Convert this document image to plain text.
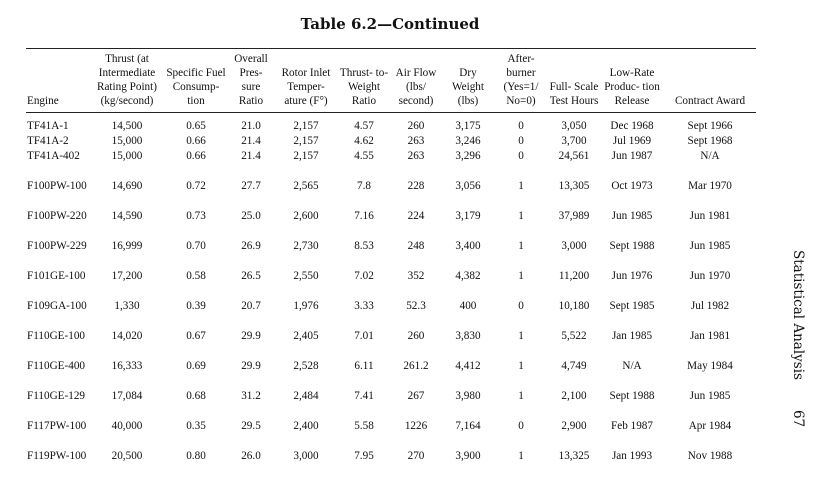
Table 6.2—Continued
Engine	Thrust (at Intermediate Rating Point) (kg/second)	Specific Fuel Consump- tion	Overall Pres- sure Ratio	Rotor Inlet Temper- ature (F°)	Thrust- to- Weight Ratio	Air Flow (lbs/ second)	Dry Weight (lbs)	After- burner (Yes=1/ No=0)	Full- Scale Test Hours	Low-Rate Produc- tion Release	Contract Award
TF41A-1	14,500	0.65	21.0	2,157	4.57	260	3,175	0	3,050	Dec 1968	Sept 1966
TF41A-2	15,000	0.66	21.4	2,157	4.62	263	3,246	0	3,700	Jul 1969	Sept 1968
TF41A-402	15,000	0.66	21.4	2,157	4.55	263	3,296	0	24,561	Jun 1987	N/A
F100PW-100	14,690	0.72	27.7	2,565	7.8	228	3,056	1	13,305	Oct 1973	Mar 1970
F100PW-220	14,590	0.73	25.0	2,600	7.16	224	3,179	1	37,989	Jun 1985	Jun 1981
F100PW-229	16,999	0.70	26.9	2,730	8.53	248	3,400	1	3,000	Sept 1988	Jun 1985
F101GE-100	17,200	0.58	26.5	2,550	7.02	352	4,382	1	11,200	Jun 1976	Jun 1970
F109GA-100	1,330	0.39	20.7	1,976	3.33	52.3	400	0	10,180	Sept 1985	Jul 1982
F110GE-100	14,020	0.67	29.9	2,405	7.01	260	3,830	1	5,522	Jan 1985	Jan 1981
F110GE-400	16,333	0.69	29.9	2,528	6.11	261.2	4,412	1	4,749	N/A	May 1984
F110GE-129	17,084	0.68	31.2	2,484	7.41	267	3,980	1	2,100	Sept 1988	Jun 1985
F117PW-100	40,000	0.35	29.5	2,400	5.58	1226	7,164	0	2,900	Feb 1987	Apr 1984
F119PW-100	20,500	0.80	26.0	3,000	7.95	270	3,900	1	13,325	Jan 1993	Nov 1988
Statistical Analysis67
